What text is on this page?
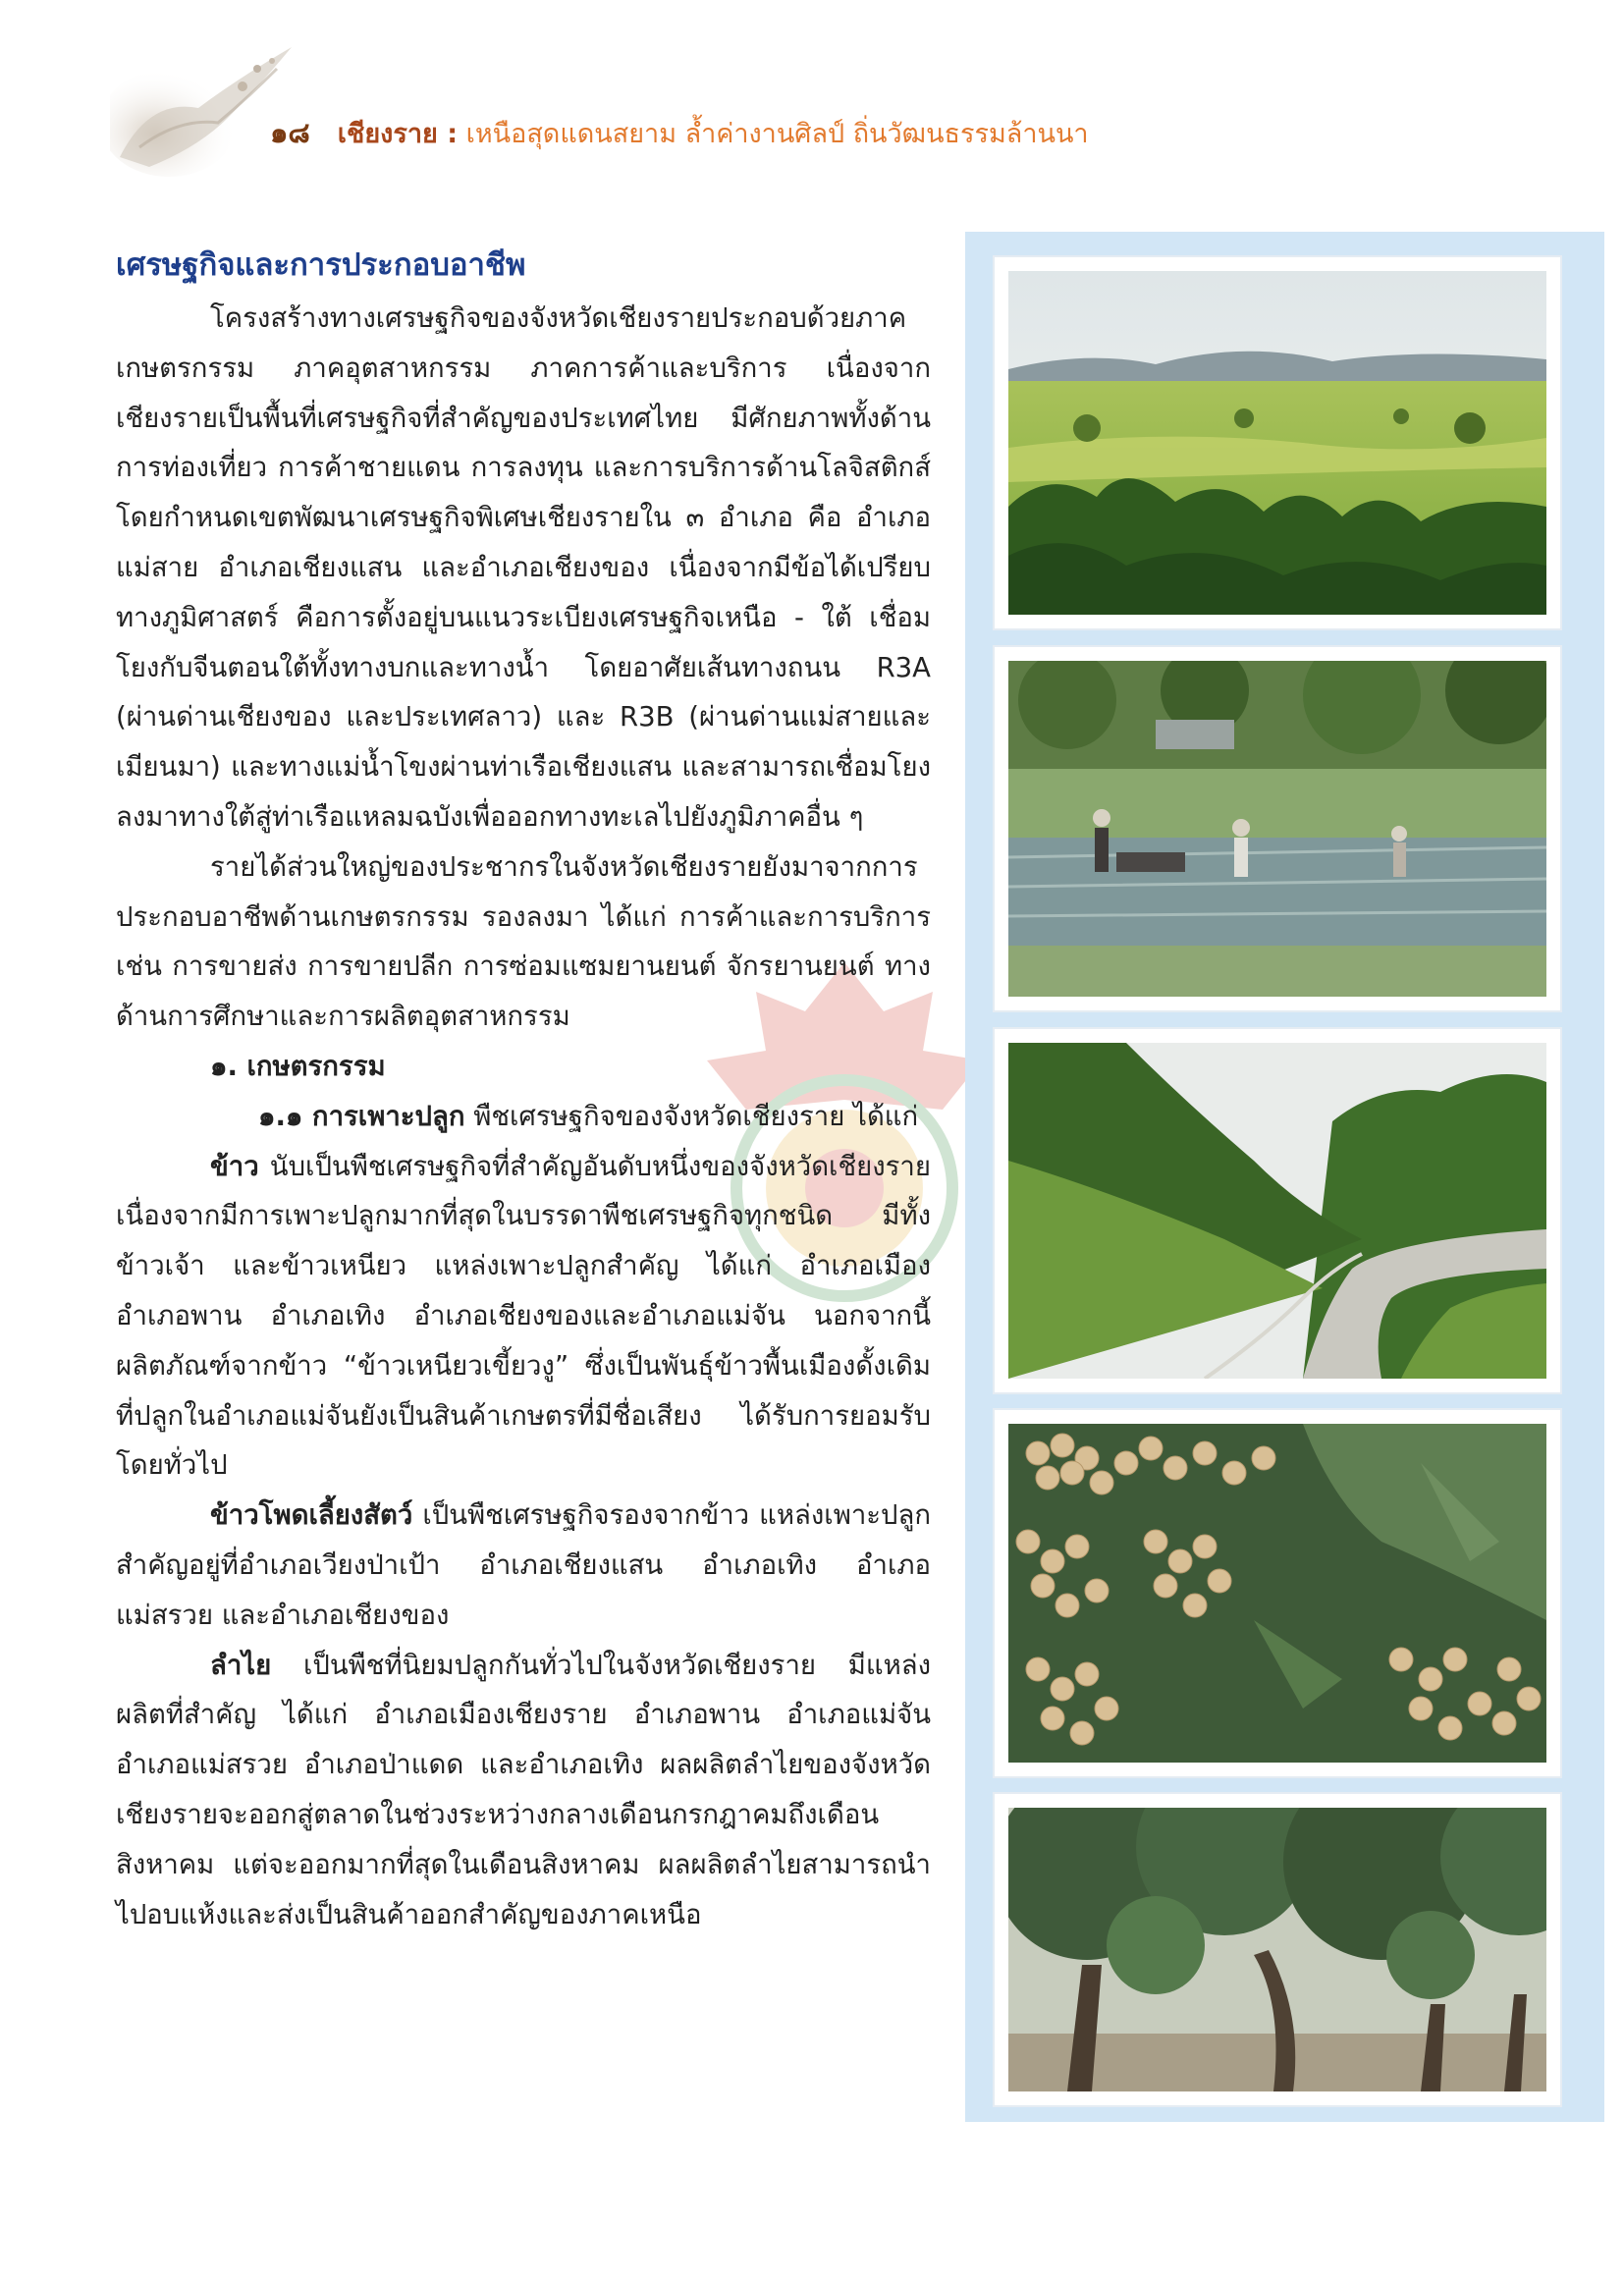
๑๘ เชียงราย : เหนือสุดแดนสยาม ล้ำค่างานศิลป์ ถิ่นวัฒนธรรมล้านนา
เศรษฐกิจและการประกอบอาชีพ

โครงสร้างทางเศรษฐกิจของจังหวัดเชียงรายประกอบด้วยภาคเกษตรกรรม ภาคอุตสาหกรรม ภาคการค้าและบริการ เนื่องจากเชียงรายเป็นพื้นที่เศรษฐกิจที่สำคัญของประเทศไทย มีศักยภาพทั้งด้านการท่องเที่ยว การค้าชายแดน การลงทุน และการบริการด้านโลจิสติกส์ โดยกำหนดเขตพัฒนาเศรษฐกิจพิเศษเชียงรายใน ๓ อำเภอ คือ อำเภอแม่สาย อำเภอเชียงแสน และอำเภอเชียงของ เนื่องจากมีข้อได้เปรียบทางภูมิศาสตร์ คือการตั้งอยู่บนแนวระเบียงเศรษฐกิจเหนือ - ใต้ เชื่อมโยงกับจีนตอนใต้ทั้งทางบกและทางน้ำ โดยอาศัยเส้นทางถนน R3A (ผ่านด่านเชียงของ และประเทศลาว) และ R3B (ผ่านด่านแม่สายและเมียนมา) และทางแม่น้ำโขงผ่านท่าเรือเชียงแสน และสามารถเชื่อมโยงลงมาทางใต้สู่ท่าเรือแหลมฉบังเพื่อออกทางทะเลไปยังภูมิภาคอื่น ๆ

รายได้ส่วนใหญ่ของประชากรในจังหวัดเชียงรายยังมาจากการประกอบอาชีพด้านเกษตรกรรม รองลงมา ได้แก่ การค้าและการบริการ เช่น การขายส่ง การขายปลีก การซ่อมแซมยานยนต์ จักรยานยนต์ ทางด้านการศึกษาและการผลิตอุตสาหกรรม

๑. เกษตรกรรม

๑.๑ การเพาะปลูก พืชเศรษฐกิจของจังหวัดเชียงราย ได้แก่

ข้าว นับเป็นพืชเศรษฐกิจที่สำคัญอันดับหนึ่งของจังหวัดเชียงราย เนื่องจากมีการเพาะปลูกมากที่สุดในบรรดาพืชเศรษฐกิจทุกชนิด มีทั้งข้าวเจ้า และข้าวเหนียว แหล่งเพาะปลูกสำคัญ ได้แก่ อำเภอเมือง อำเภอพาน อำเภอเทิง อำเภอเชียงของและอำเภอแม่จัน นอกจากนี้ ผลิตภัณฑ์จากข้าว “ข้าวเหนียวเขี้ยวงู” ซึ่งเป็นพันธุ์ข้าวพื้นเมืองดั้งเดิมที่ปลูกในอำเภอแม่จันยังเป็นสินค้าเกษตรที่มีชื่อเสียง ได้รับการยอมรับโดยทั่วไป

ข้าวโพดเลี้ยงสัตว์ เป็นพืชเศรษฐกิจรองจากข้าว แหล่งเพาะปลูกสำคัญอยู่ที่อำเภอเวียงป่าเป้า อำเภอเชียงแสน อำเภอเทิง อำเภอแม่สรวย และอำเภอเชียงของ

ลำไย เป็นพืชที่นิยมปลูกกันทั่วไปในจังหวัดเชียงราย มีแหล่งผลิตที่สำคัญ ได้แก่ อำเภอเมืองเชียงราย อำเภอพาน อำเภอแม่จัน อำเภอแม่สรวย อำเภอป่าแดด และอำเภอเทิง ผลผลิตลำไยของจังหวัดเชียงรายจะออกสู่ตลาดในช่วงระหว่างกลางเดือนกรกฎาคมถึงเดือนสิงหาคม แต่จะออกมากที่สุดในเดือนสิงหาคม ผลผลิตลำไยสามารถนำไปอบแห้งและส่งเป็นสินค้าออกสำคัญของภาคเหนือ
